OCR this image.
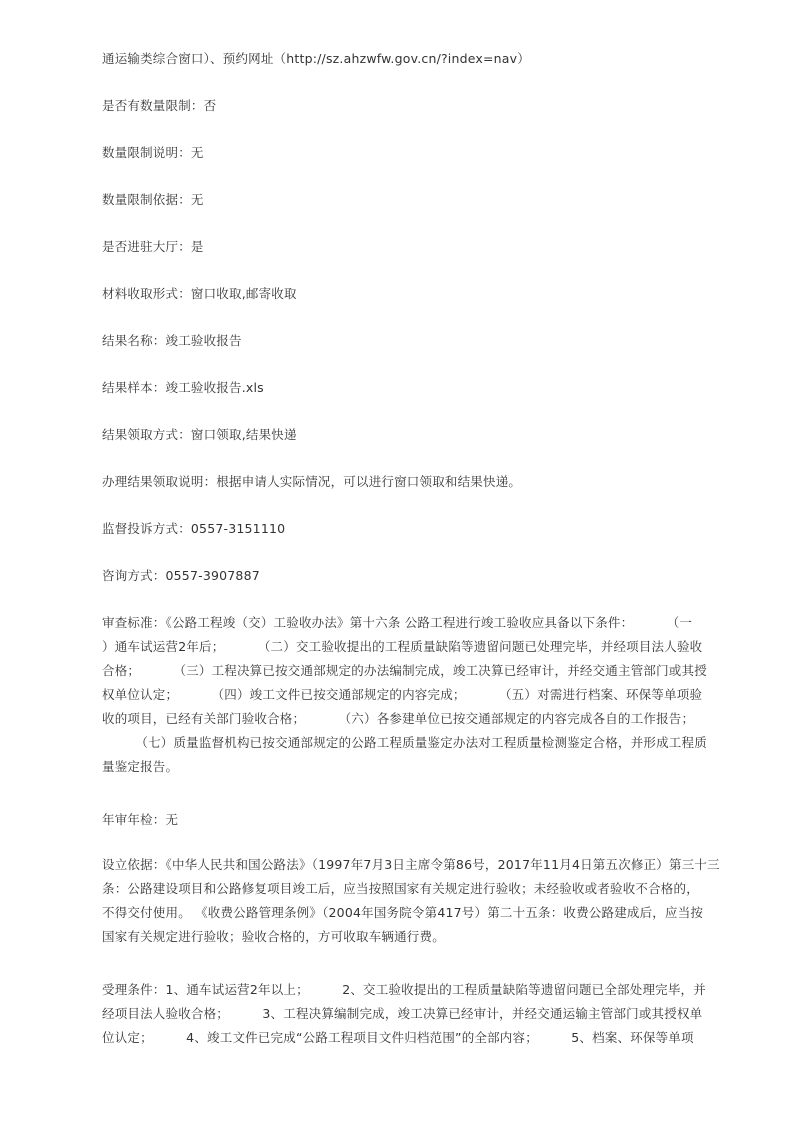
通运输类综合窗口）、预约网址（http://sz.ahzwfw.gov.cn/?index=nav）
是否有数量限制：否
数量限制说明：无
数量限制依据：无
是否进驻大厅：是
材料收取形式：窗口收取,邮寄收取
结果名称：竣工验收报告
结果样本：竣工验收报告.xls
结果领取方式：窗口领取,结果快递
办理结果领取说明：根据申请人实际情况，可以进行窗口领取和结果快递。
监督投诉方式：0557-3151110
咨询方式：0557-3907887
审查标准：《公路工程竣（交）工验收办法》第十六条 公路工程进行竣工验收应具备以下条件：        （一
）通车试运营2年后；        （二）交工验收提出的工程质量缺陷等遗留问题已处理完毕，并经项目法人验收
合格；        （三）工程决算已按交通部规定的办法编制完成，竣工决算已经审计，并经交通主管部门或其授
权单位认定；        （四）竣工文件已按交通部规定的内容完成；        （五）对需进行档案、环保等单项验
收的项目，已经有关部门验收合格；        （六）各参建单位已按交通部规定的内容完成各自的工作报告；
（七）质量监督机构已按交通部规定的公路工程质量鉴定办法对工程质量检测鉴定合格，并形成工程质
量鉴定报告。
年审年检：无
设立依据：《中华人民共和国公路法》（1997年7月3日主席令第86号，2017年11月4日第五次修正）第三十三
条：公路建设项目和公路修复项目竣工后，应当按照国家有关规定进行验收；未经验收或者验收不合格的，
不得交付使用。 《收费公路管理条例》（2004年国务院令第417号）第二十五条：收费公路建成后，应当按
国家有关规定进行验收；验收合格的，方可收取车辆通行费。
受理条件：1、通车试运营2年以上；        2、交工验收提出的工程质量缺陷等遗留问题已全部处理完毕，并
经项目法人验收合格；        3、工程决算编制完成，竣工决算已经审计，并经交通运输主管部门或其授权单
位认定；        4、竣工文件已完成“公路工程项目文件归档范围”的全部内容；        5、档案、环保等单项
